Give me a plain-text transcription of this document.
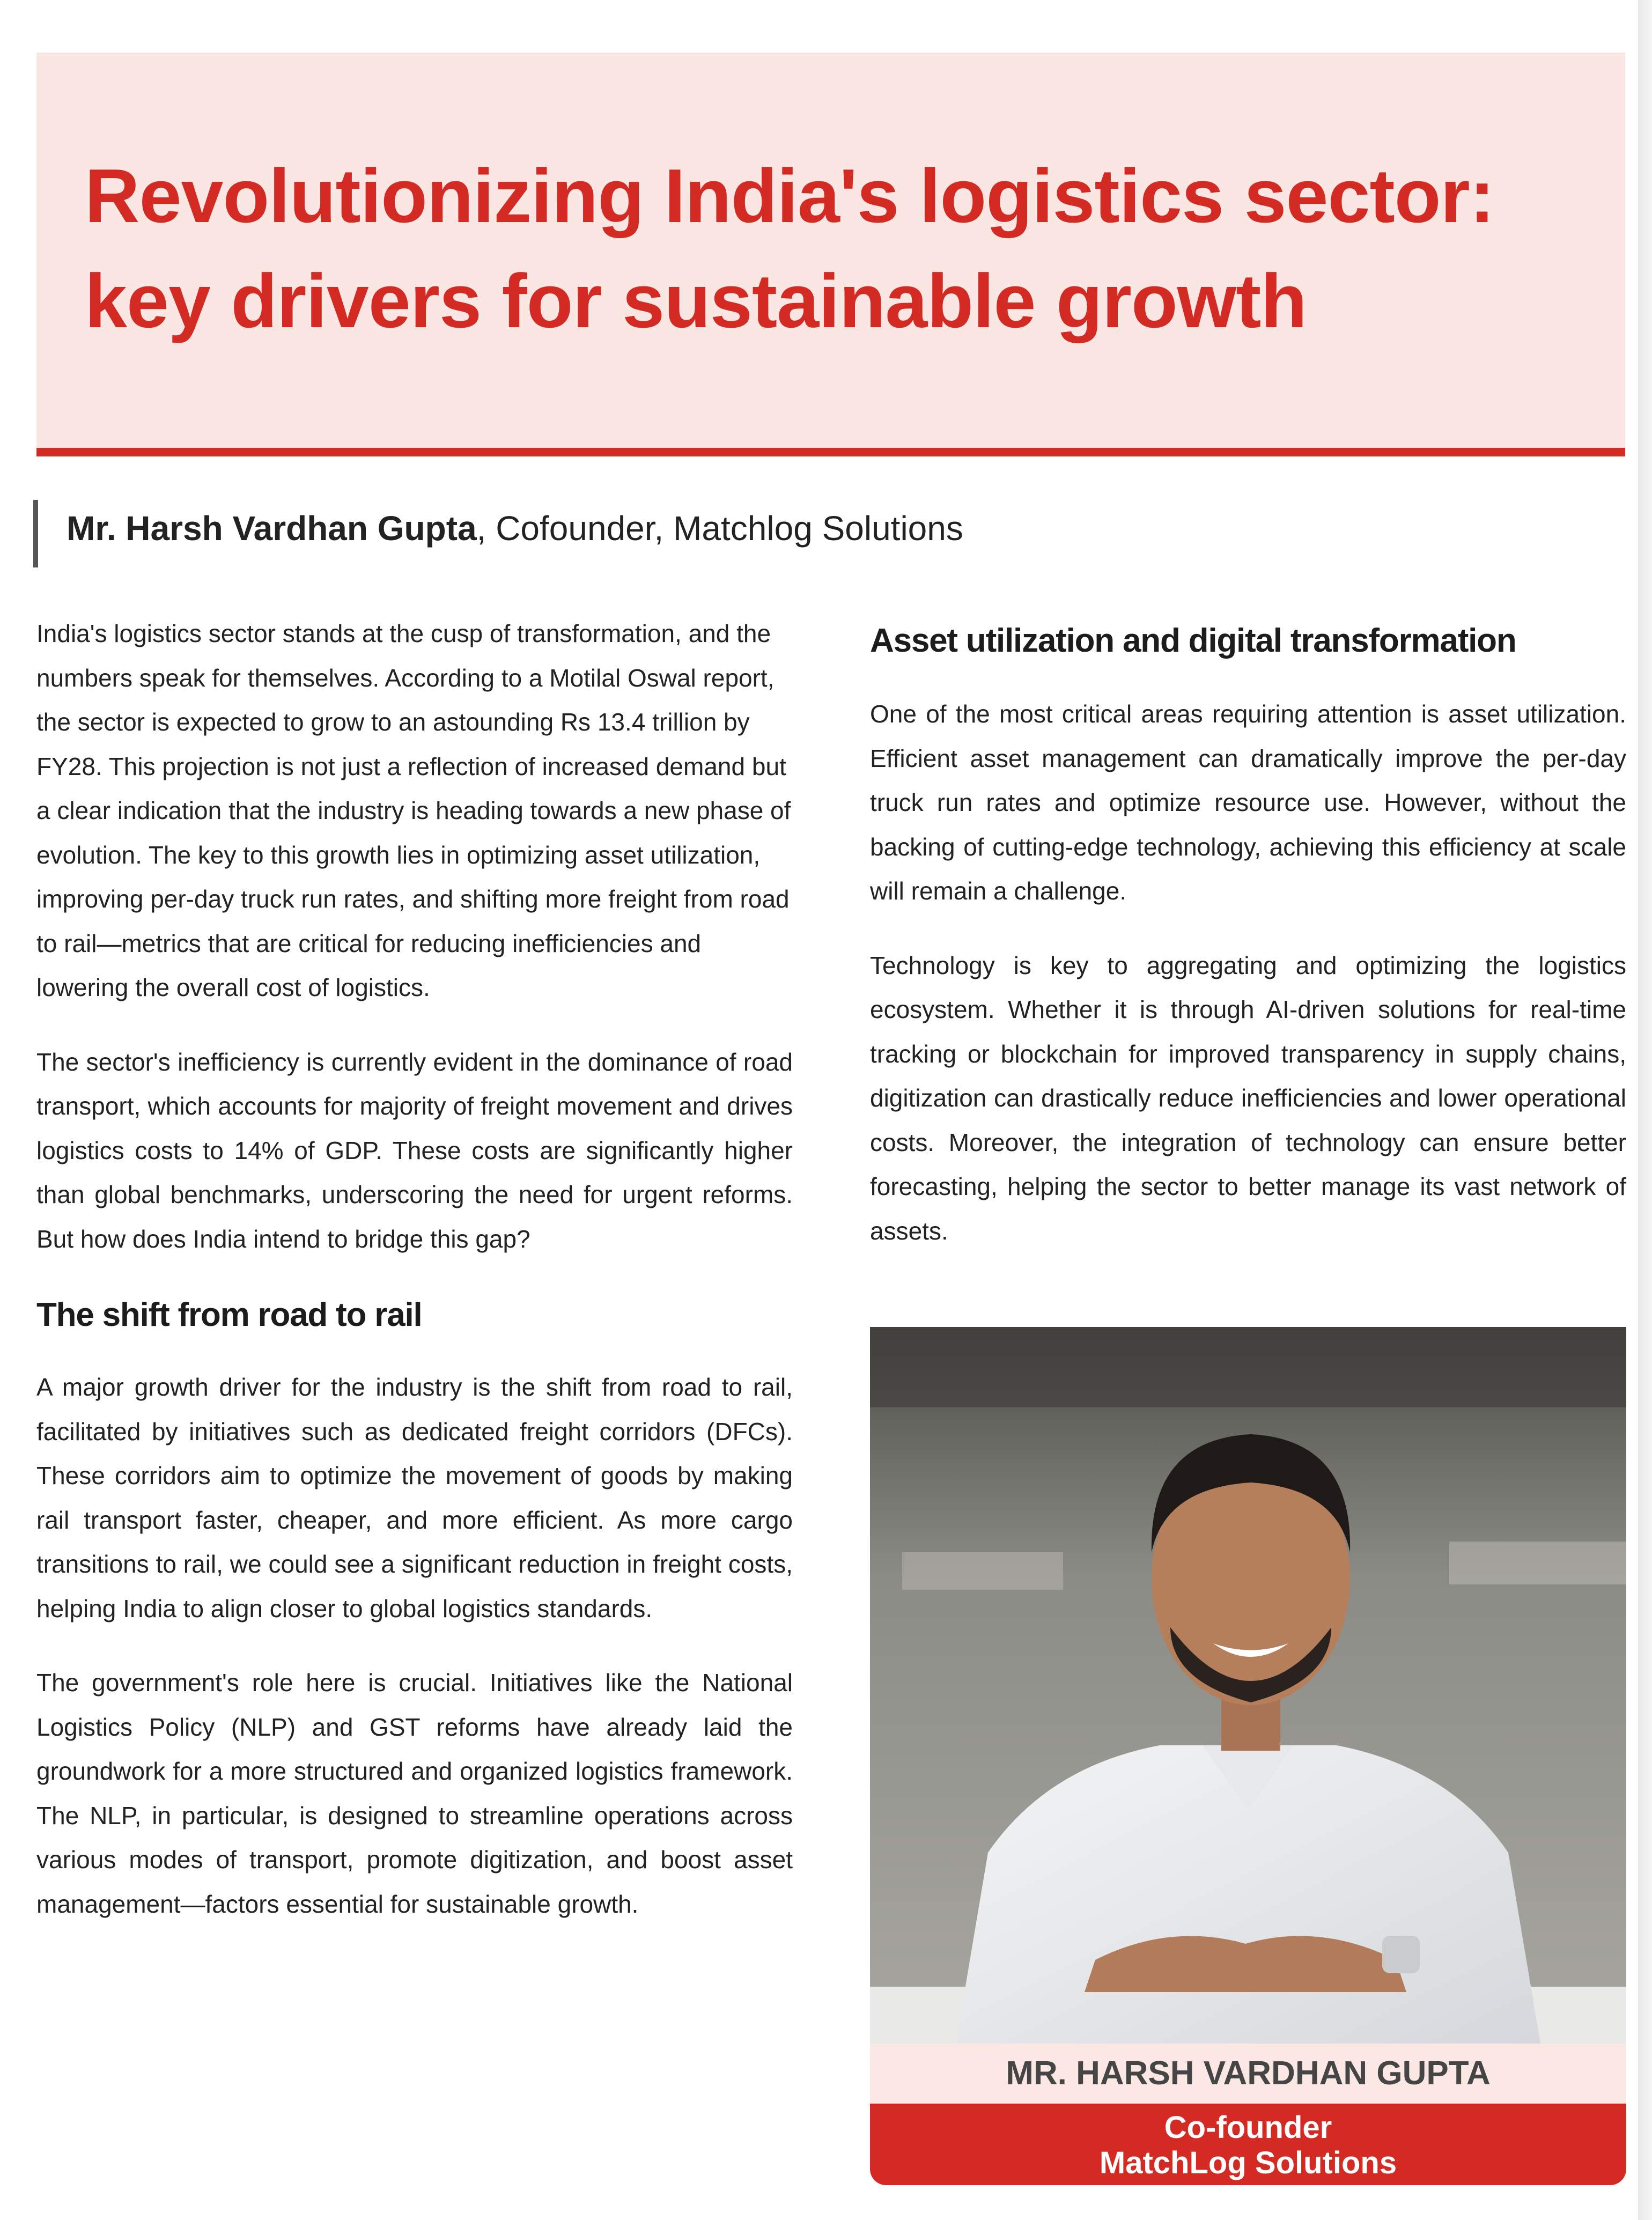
Revolutionizing India's logistics sector:
key drivers for sustainable growth
Mr. Harsh Vardhan Gupta, Cofounder, Matchlog Solutions

India's logistics sector stands at the cusp of transformation, and the numbers speak for themselves. According to a Motilal Oswal report, the sector is expected to grow to an astounding Rs 13.4 trillion by FY28. This projection is not just a reflection of increased demand but a clear indication that the industry is heading towards a new phase of evolution. The key to this growth lies in optimizing asset utilization, improving per-day truck run rates, and shifting more freight from road to rail—metrics that are critical for reducing inefficiencies and lowering the overall cost of logistics.

The sector's inefficiency is currently evident in the dominance of road transport, which accounts for majority of freight movement and drives logistics costs to 14% of GDP. These costs are significantly higher than global benchmarks, underscoring the need for urgent reforms. But how does India intend to bridge this gap?

The shift from road to rail

A major growth driver for the industry is the shift from road to rail, facilitated by initiatives such as dedicated freight corridors (DFCs). These corridors aim to optimize the movement of goods by making rail transport faster, cheaper, and more efficient. As more cargo transitions to rail, we could see a significant reduction in freight costs, helping India to align closer to global logistics standards.

The government's role here is crucial. Initiatives like the National Logistics Policy (NLP) and GST reforms have already laid the groundwork for a more structured and organized logistics framework. The NLP, in particular, is designed to streamline operations across various modes of transport, promote digitization, and boost asset management—factors essential for sustainable growth.

Asset utilization and digital transformation

One of the most critical areas requiring attention is asset utilization. Efficient asset management can dramatically improve the per-day truck run rates and optimize resource use. However, without the backing of cutting-edge technology, achieving this efficiency at scale will remain a challenge.

Technology is key to aggregating and optimizing the logistics ecosystem. Whether it is through AI-driven solutions for real-time tracking or blockchain for improved transparency in supply chains, digitization can drastically reduce inefficiencies and lower operational costs. Moreover, the integration of technology can ensure better forecasting, helping the sector to better manage its vast network of assets.

MR. HARSH VARDHAN GUPTA
Co-founder
MatchLog Solutions
